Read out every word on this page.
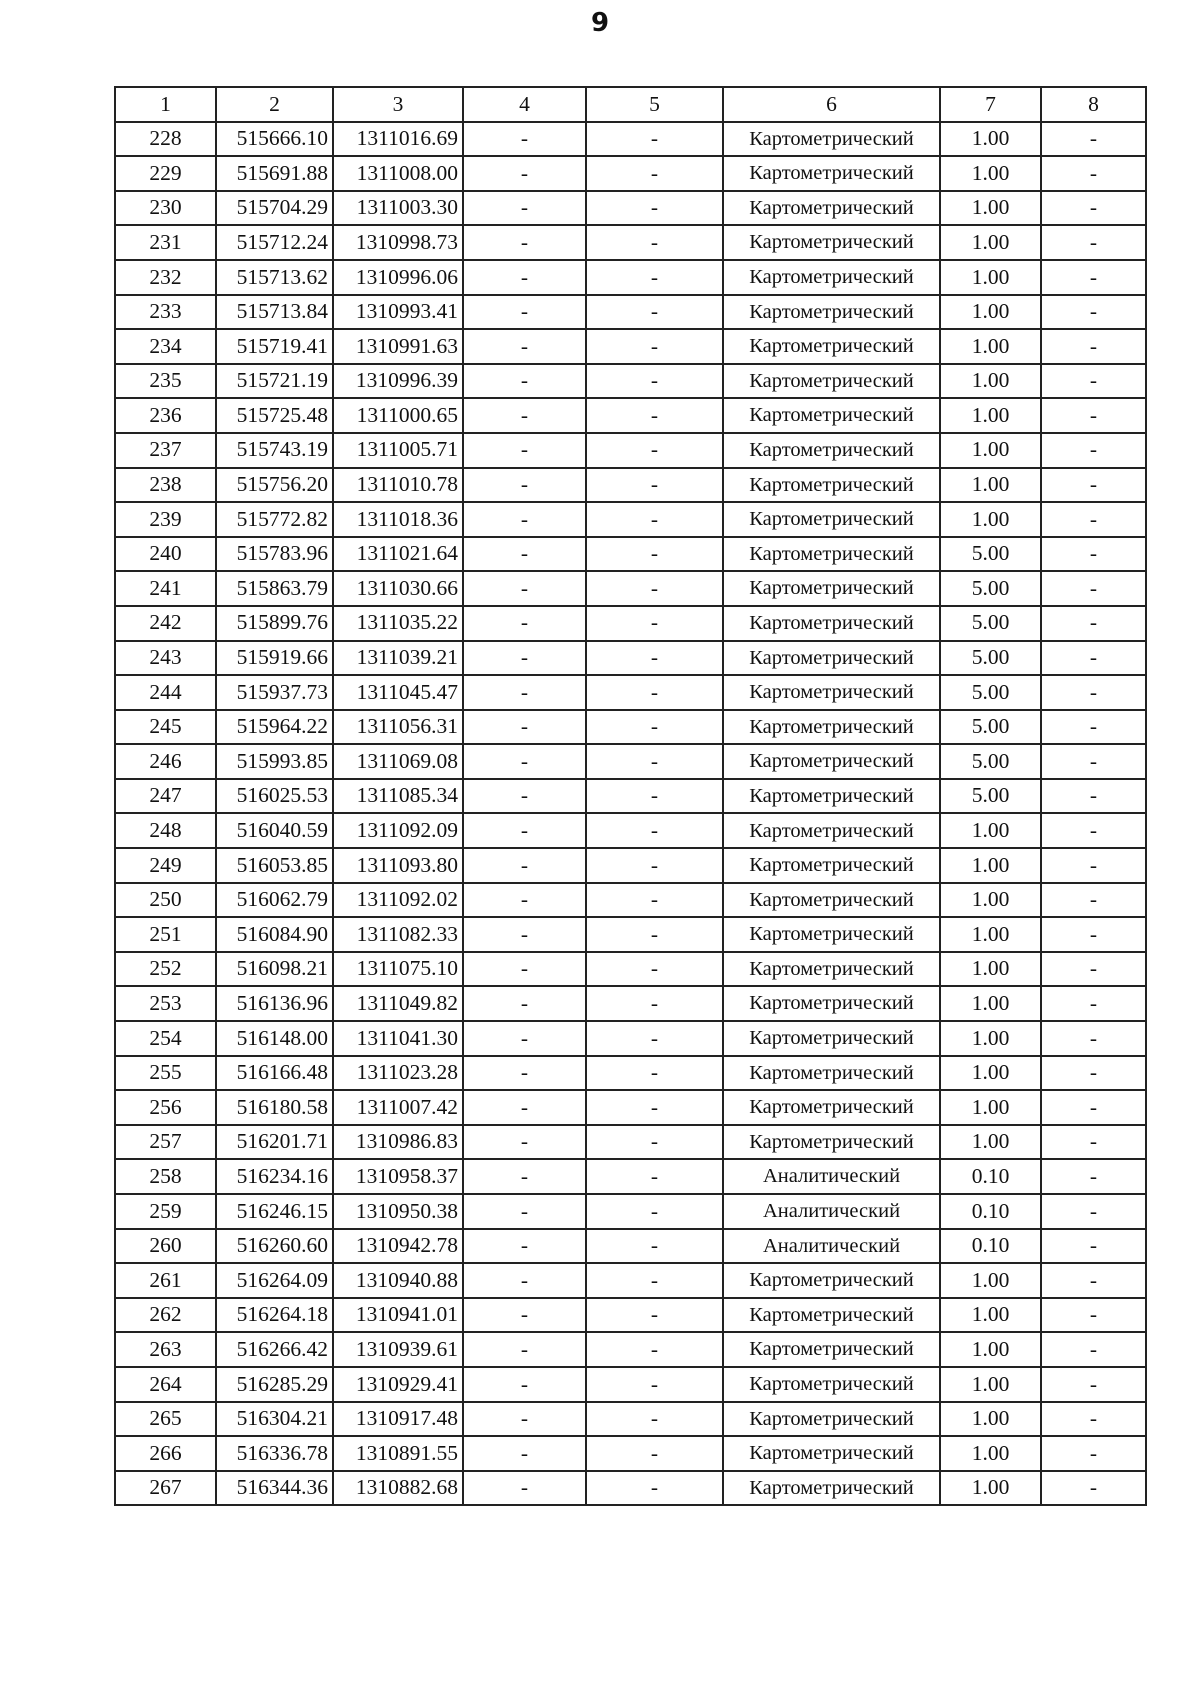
9
1	2	3	4	5	6	7	8
228	515666.10	1311016.69	-	-	Картометрический	1.00	-
229	515691.88	1311008.00	-	-	Картометрический	1.00	-
230	515704.29	1311003.30	-	-	Картометрический	1.00	-
231	515712.24	1310998.73	-	-	Картометрический	1.00	-
232	515713.62	1310996.06	-	-	Картометрический	1.00	-
233	515713.84	1310993.41	-	-	Картометрический	1.00	-
234	515719.41	1310991.63	-	-	Картометрический	1.00	-
235	515721.19	1310996.39	-	-	Картометрический	1.00	-
236	515725.48	1311000.65	-	-	Картометрический	1.00	-
237	515743.19	1311005.71	-	-	Картометрический	1.00	-
238	515756.20	1311010.78	-	-	Картометрический	1.00	-
239	515772.82	1311018.36	-	-	Картометрический	1.00	-
240	515783.96	1311021.64	-	-	Картометрический	5.00	-
241	515863.79	1311030.66	-	-	Картометрический	5.00	-
242	515899.76	1311035.22	-	-	Картометрический	5.00	-
243	515919.66	1311039.21	-	-	Картометрический	5.00	-
244	515937.73	1311045.47	-	-	Картометрический	5.00	-
245	515964.22	1311056.31	-	-	Картометрический	5.00	-
246	515993.85	1311069.08	-	-	Картометрический	5.00	-
247	516025.53	1311085.34	-	-	Картометрический	5.00	-
248	516040.59	1311092.09	-	-	Картометрический	1.00	-
249	516053.85	1311093.80	-	-	Картометрический	1.00	-
250	516062.79	1311092.02	-	-	Картометрический	1.00	-
251	516084.90	1311082.33	-	-	Картометрический	1.00	-
252	516098.21	1311075.10	-	-	Картометрический	1.00	-
253	516136.96	1311049.82	-	-	Картометрический	1.00	-
254	516148.00	1311041.30	-	-	Картометрический	1.00	-
255	516166.48	1311023.28	-	-	Картометрический	1.00	-
256	516180.58	1311007.42	-	-	Картометрический	1.00	-
257	516201.71	1310986.83	-	-	Картометрический	1.00	-
258	516234.16	1310958.37	-	-	Аналитический	0.10	-
259	516246.15	1310950.38	-	-	Аналитический	0.10	-
260	516260.60	1310942.78	-	-	Аналитический	0.10	-
261	516264.09	1310940.88	-	-	Картометрический	1.00	-
262	516264.18	1310941.01	-	-	Картометрический	1.00	-
263	516266.42	1310939.61	-	-	Картометрический	1.00	-
264	516285.29	1310929.41	-	-	Картометрический	1.00	-
265	516304.21	1310917.48	-	-	Картометрический	1.00	-
266	516336.78	1310891.55	-	-	Картометрический	1.00	-
267	516344.36	1310882.68	-	-	Картометрический	1.00	-
